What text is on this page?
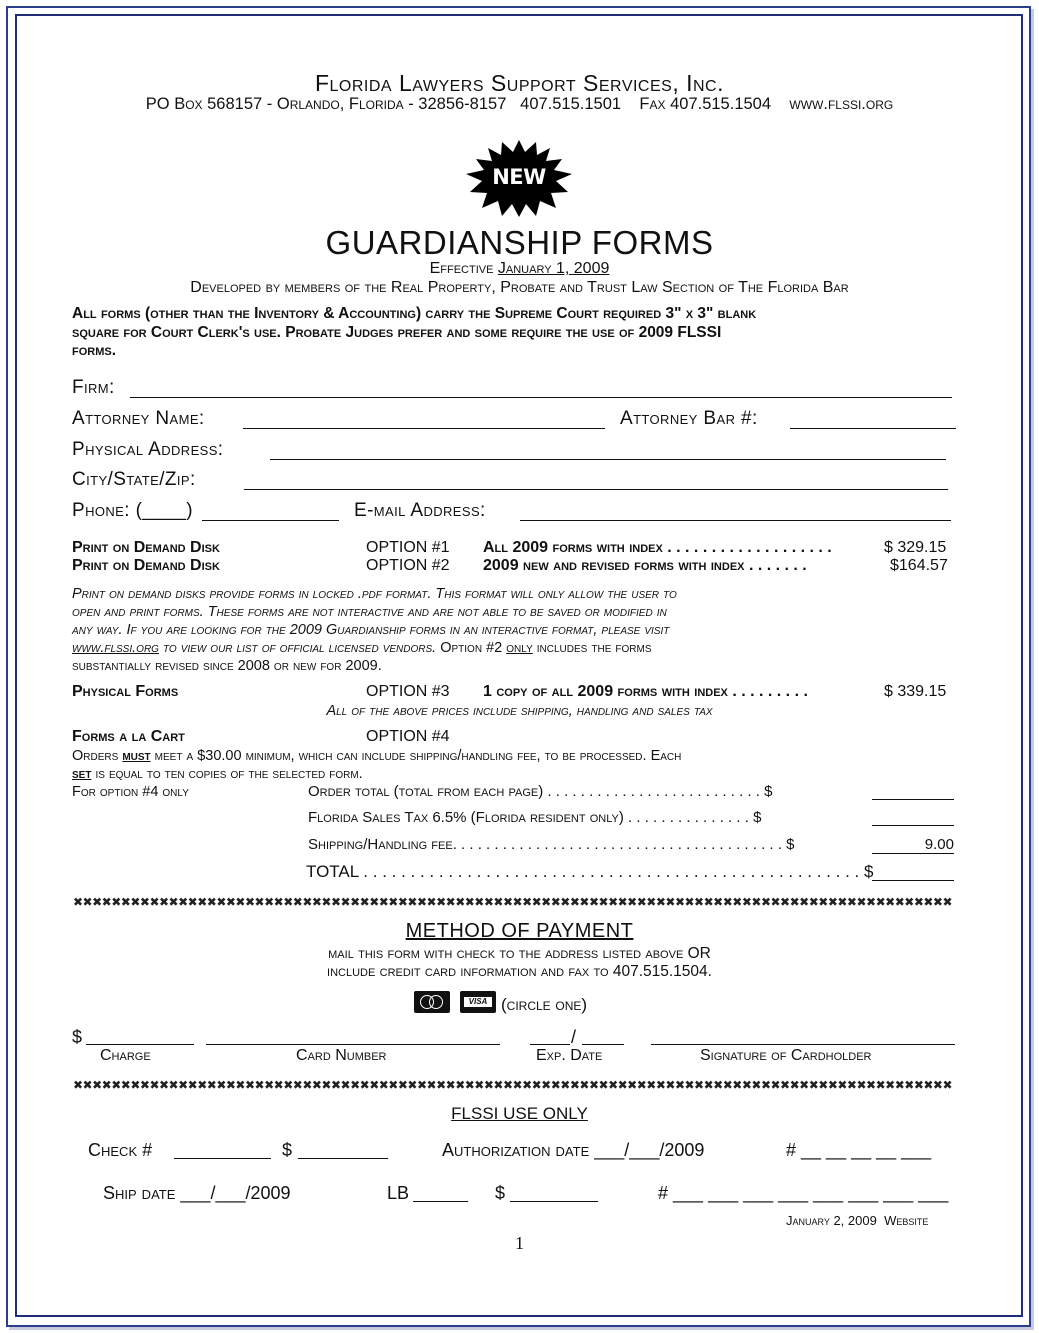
Florida Lawyers Support Services, Inc.
PO Box 568157 - Orlando, Florida - 32856-8157 407.515.1501 Fax 407.515.1504 www.flssi.org
NEW
GUARDIANSHIP FORMS
Effective January 1, 2009
Developed by members of the Real Property, Probate and Trust Law Section of The Florida Bar
All forms (other than the Inventory & Accounting) carry the Supreme Court required 3" x 3" blank
square for Court Clerk's use. Probate Judges prefer and some require the use of 2009 FLSSI
forms.
Firm:
Attorney Name:	Attorney Bar #:
Physical Address:
City/State/Zip:
Phone: (____)	E-mail Address:
Print on Demand Disk	OPTION #1 All 2009 forms with index . . . . . . . . . . . . . . . . . . .	$ 329.15
Print on Demand Disk	OPTION #2 2009 new and revised forms with index . . . . . . .	$164.57
Print on demand disks provide forms in locked .pdf format. This format will only allow the user to
open and print forms. These forms are not interactive and are not able to be saved or modified in
any way. If you are looking for the 2009 Guardianship forms in an interactive format, please visit
www.flssi.org to view our list of official licensed vendors. Option #2 only includes the forms
substantially revised since 2008 or new for 2009.
Physical Forms	OPTION #3 1 copy of all 2009 forms with index . . . . . . . . .	$ 339.15
All of the above prices include shipping, handling and sales tax
Forms a la Cart	OPTION #4
Orders must meet a $30.00 minimum, which can include shipping/handling fee, to be processed. Each
set is equal to ten copies of the selected form.
For option #4 only	Order total (total from each page) . . . . . . . . . . . . . . . . . . . . . . . . . . $
Florida Sales Tax 6.5% (Florida resident only) . . . . . . . . . . . . . . . $
Shipping/Handling fee. . . . . . . . . . . . . . . . . . . . . . . . . . . . . . . . . . . . . . . . $	9.00
TOTAL . . . . . . . . . . . . . . . . . . . . . . . . . . . . . . . . . . . . . . . . . . . . . . . . . . . . . $
✖✖✖✖✖✖✖✖✖✖✖✖✖✖✖✖✖✖✖✖✖✖✖✖✖✖✖✖✖✖✖✖✖✖✖✖✖✖✖✖✖✖✖✖✖✖✖✖✖✖✖✖✖✖✖✖✖✖✖✖✖✖✖✖✖✖✖✖✖✖✖✖✖✖✖✖✖✖✖✖✖✖✖✖✖✖✖✖✖✖✖✖
METHOD OF PAYMENT
mail this form with check to the address listed above OR
include credit card information and fax to 407.515.1504.
VISA (circle one)
$	/
Charge	Card Number	Exp. Date	Signature of Cardholder
✖✖✖✖✖✖✖✖✖✖✖✖✖✖✖✖✖✖✖✖✖✖✖✖✖✖✖✖✖✖✖✖✖✖✖✖✖✖✖✖✖✖✖✖✖✖✖✖✖✖✖✖✖✖✖✖✖✖✖✖✖✖✖✖✖✖✖✖✖✖✖✖✖✖✖✖✖✖✖✖✖✖✖✖✖✖✖✖✖✖✖✖
FLSSI USE ONLY
Check #	$	Authorization date ___/___/2009	# __ __ __ __ ___
Ship date ___/___/2009	LB	$	# ___ ___ ___ ___ ___ ___ ___ ___
January 2, 2009 Website
1
